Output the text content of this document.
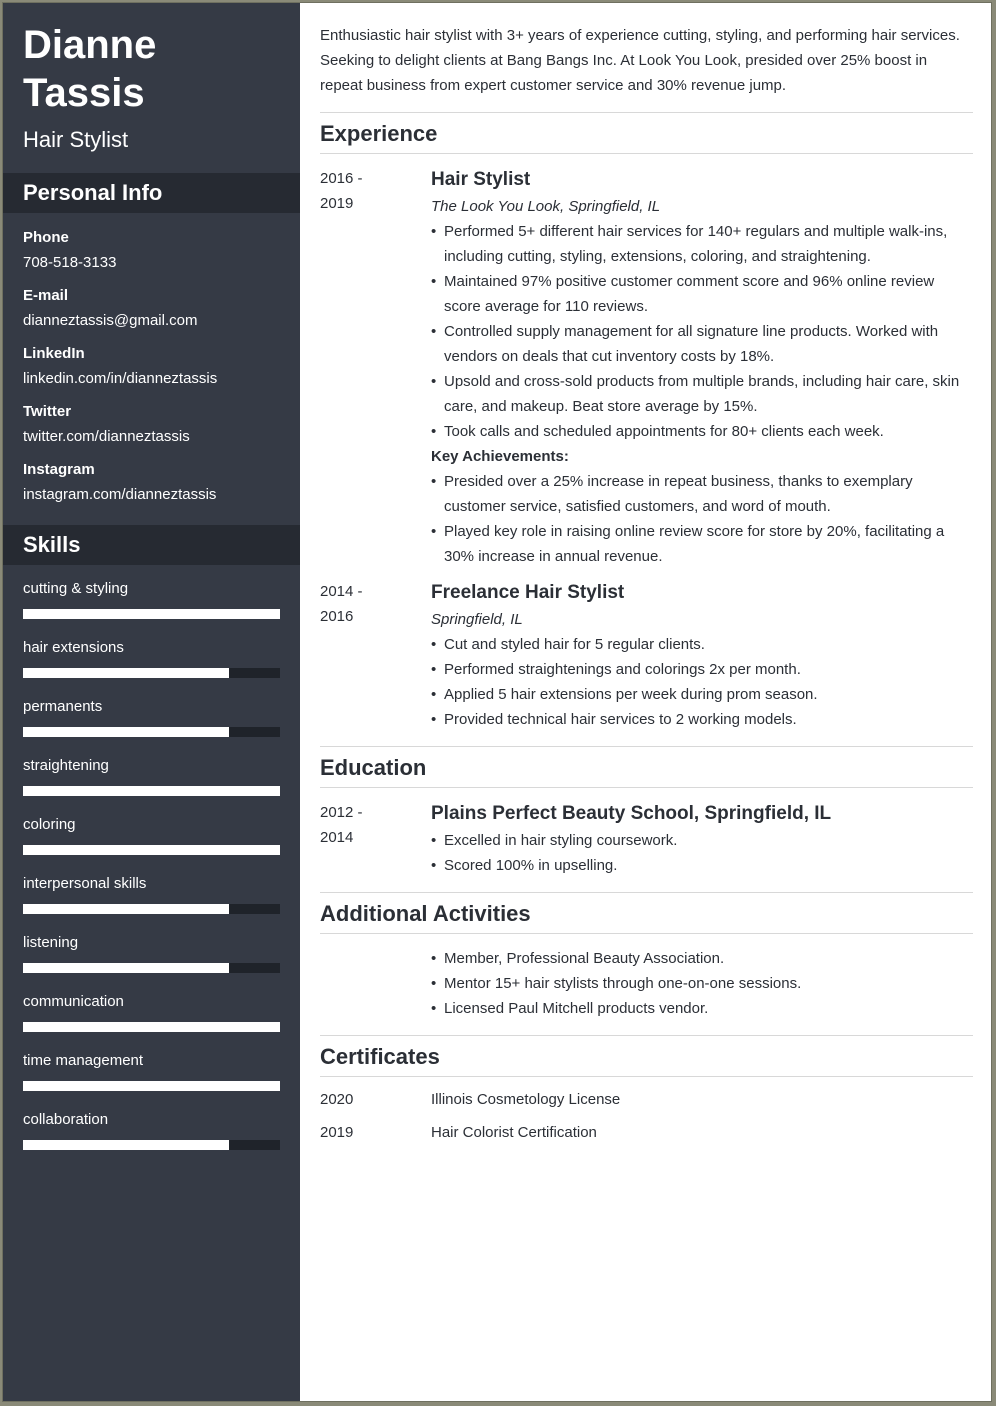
Dianne
Tassis
Hair Stylist
Personal Info
Phone
708-518-3133
E-mail
dianneztassis@gmail.com
LinkedIn
linkedin.com/in/dianneztassis
Twitter
twitter.com/dianneztassis
Instagram
instagram.com/dianneztassis
Skills
cutting & styling
hair extensions
permanents
straightening
coloring
interpersonal skills
listening
communication
time management
collaboration
Enthusiastic hair stylist with 3+ years of experience cutting, styling, and performing hair services. Seeking to delight clients at Bang Bangs Inc. At Look You Look, presided over 25% boost in repeat business from expert customer service and 30% revenue jump.
Experience
2016 -
2019
Hair Stylist
The Look You Look, Springfield, IL
• Performed 5+ different hair services for 140+ regulars and multiple walk-ins, including cutting, styling, extensions, coloring, and straightening.
• Maintained 97% positive customer comment score and 96% online review score average for 110 reviews.
• Controlled supply management for all signature line products. Worked with vendors on deals that cut inventory costs by 18%.
• Upsold and cross-sold products from multiple brands, including hair care, skin care, and makeup. Beat store average by 15%.
• Took calls and scheduled appointments for 80+ clients each week.
Key Achievements:
• Presided over a 25% increase in repeat business, thanks to exemplary customer service, satisfied customers, and word of mouth.
• Played key role in raising online review score for store by 20%, facilitating a 30% increase in annual revenue.
2014 -
2016
Freelance Hair Stylist
Springfield, IL
• Cut and styled hair for 5 regular clients.
• Performed straightenings and colorings 2x per month.
• Applied 5 hair extensions per week during prom season.
• Provided technical hair services to 2 working models.
Education
2012 -
2014
Plains Perfect Beauty School, Springfield, IL
• Excelled in hair styling coursework.
• Scored 100% in upselling.
Additional Activities
• Member, Professional Beauty Association.
• Mentor 15+ hair stylists through one-on-one sessions.
• Licensed Paul Mitchell products vendor.
Certificates
2020	Illinois Cosmetology License
2019	Hair Colorist Certification
